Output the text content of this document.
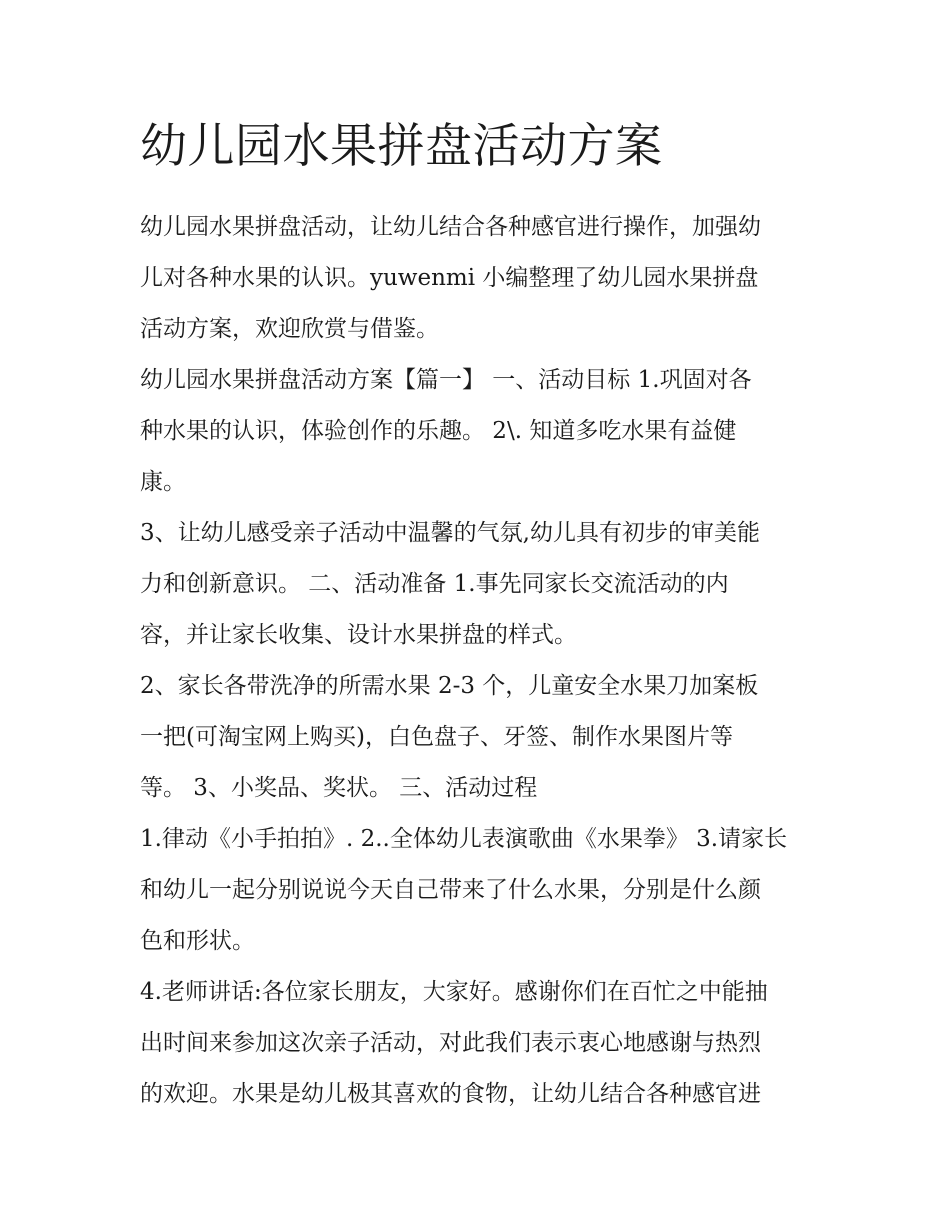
幼儿园水果拼盘活动方案
幼儿园水果拼盘活动，让幼儿结合各种感官进行操作，加强幼
儿对各种水果的认识。yuwenmi 小编整理了幼儿园水果拼盘
活动方案，欢迎欣赏与借鉴。
幼儿园水果拼盘活动方案【篇一】 一、活动目标 1.巩固对各
种水果的认识，体验创作的乐趣。 2\. 知道多吃水果有益健
康。
3、让幼儿感受亲子活动中温馨的气氛,幼儿具有初步的审美能
力和创新意识。 二、活动准备 1.事先同家长交流活动的内
容，并让家长收集、设计水果拼盘的样式。
2、家长各带洗净的所需水果 2-3 个，儿童安全水果刀加案板
一把(可淘宝网上购买)，白色盘子、牙签、制作水果图片等
等。 3、小奖品、奖状。 三、活动过程
1.律动《小手拍拍》. 2..全体幼儿表演歌曲《水果拳》 3.请家长
和幼儿一起分别说说今天自己带来了什么水果，分别是什么颜
色和形状。
4.老师讲话:各位家长朋友，大家好。感谢你们在百忙之中能抽
出时间来参加这次亲子活动，对此我们表示衷心地感谢与热烈
的欢迎。水果是幼儿极其喜欢的食物，让幼儿结合各种感官进
